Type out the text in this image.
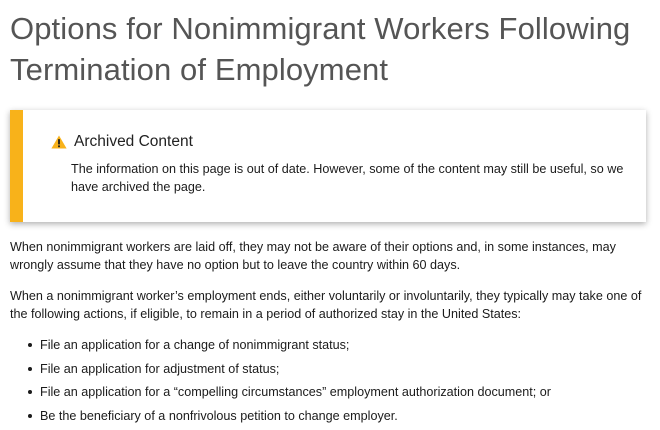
Options for Nonimmigrant Workers Following Termination of Employment
Archived Content

The information on this page is out of date. However, some of the content may still be useful, so we have archived the page.

When nonimmigrant workers are laid off, they may not be aware of their options and, in some instances, may wrongly assume that they have no option but to leave the country within 60 days.

When a nonimmigrant worker’s employment ends, either voluntarily or involuntarily, they typically may take one of the following actions, if eligible, to remain in a period of authorized stay in the United States:

File an application for a change of nonimmigrant status;
File an application for adjustment of status;
File an application for a “compelling circumstances” employment authorization document; or
Be the beneficiary of a nonfrivolous petition to change employer.
